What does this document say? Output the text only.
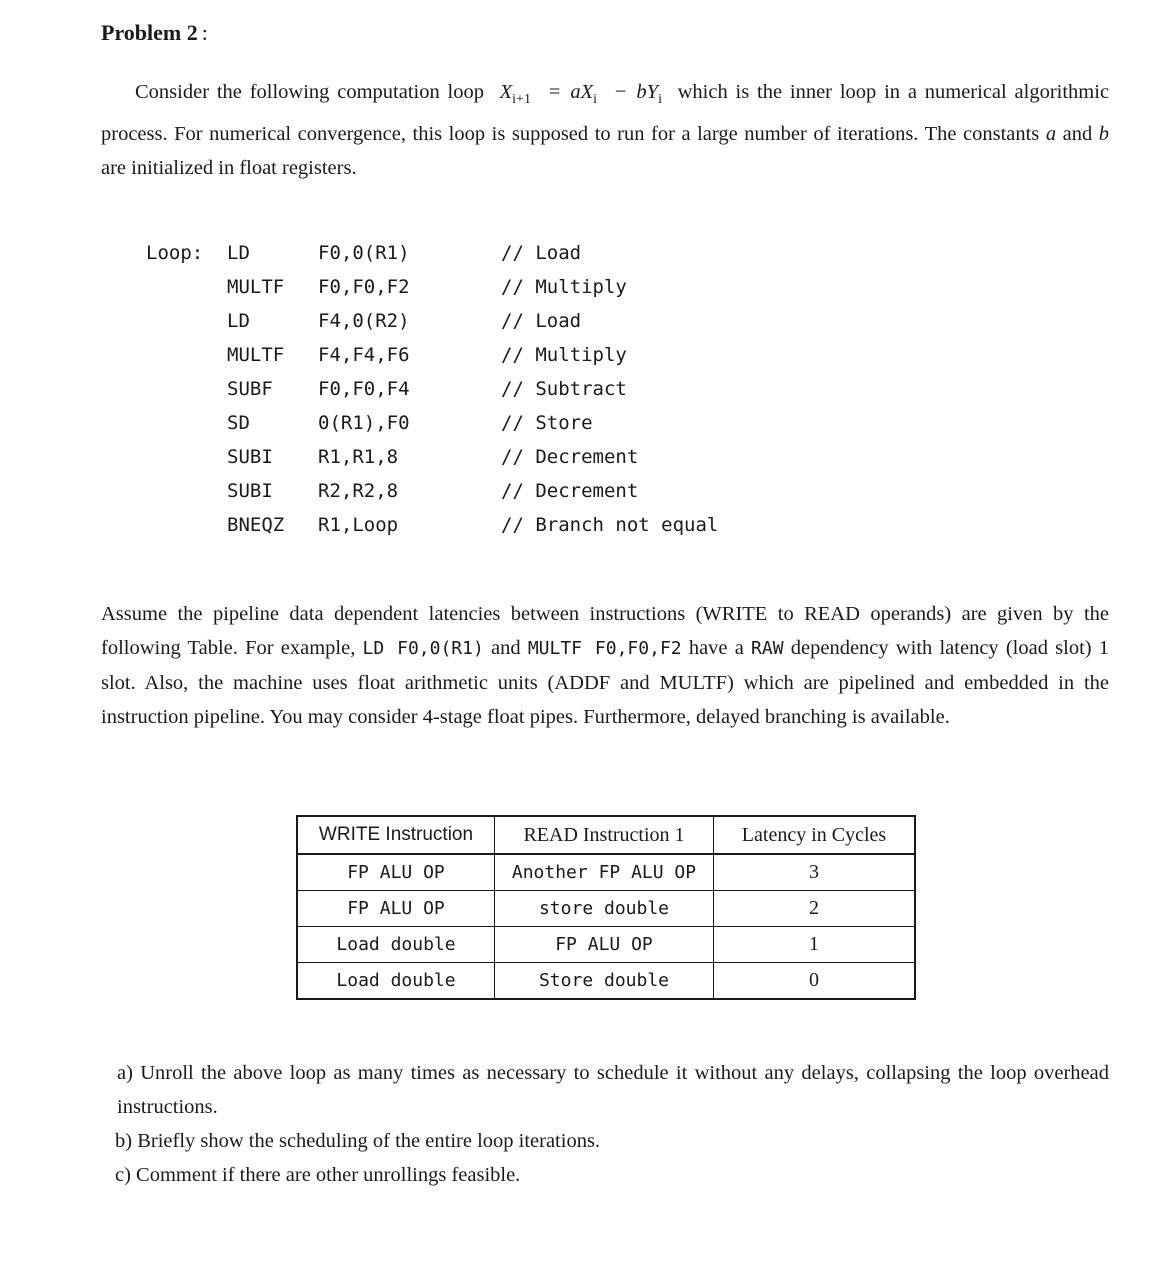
Problem 2 :
Consider the following computation loop $X_{i+1} = aX_i - bY_i$ which is the inner loop in a numerical algorithmic process. For numerical convergence, this loop is supposed to run for a large number of iterations. The constants a and b are initialized in float registers.
Loop: LD	F0,0(R1)	// Load
MULTF F0,F0,F2	// Multiply
LD	F4,0(R2)	// Load
MULTF F4,F4,F6	// Multiply
SUBF F0,F0,F4	// Subtract
SD	0(R1),F0	// Store
SUBI R1,R1,8	// Decrement
SUBI R2,R2,8	// Decrement
BNEQZ R1,Loop	// Branch not equal
Assume the pipeline data dependent latencies between instructions (WRITE to READ operands) are given by the following Table. For example, LD F0,0(R1) and MULTF F0,F0,F2 have a RAW dependency with latency (load slot) 1 slot. Also, the machine uses float arithmetic units (ADDF and MULTF) which are pipelined and embedded in the instruction pipeline. You may consider 4-stage float pipes. Furthermore, delayed branching is available.
WRITE Instruction	READ Instruction 1	Latency in Cycles
FP ALU OP	Another FP ALU OP	3
FP ALU OP	store double	2
Load double	FP ALU OP	1
Load double	Store double	0
a) Unroll the above loop as many times as necessary to schedule it without any delays, collapsing the loop overhead instructions.
b) Briefly show the scheduling of the entire loop iterations.
c) Comment if there are other unrollings feasible.
